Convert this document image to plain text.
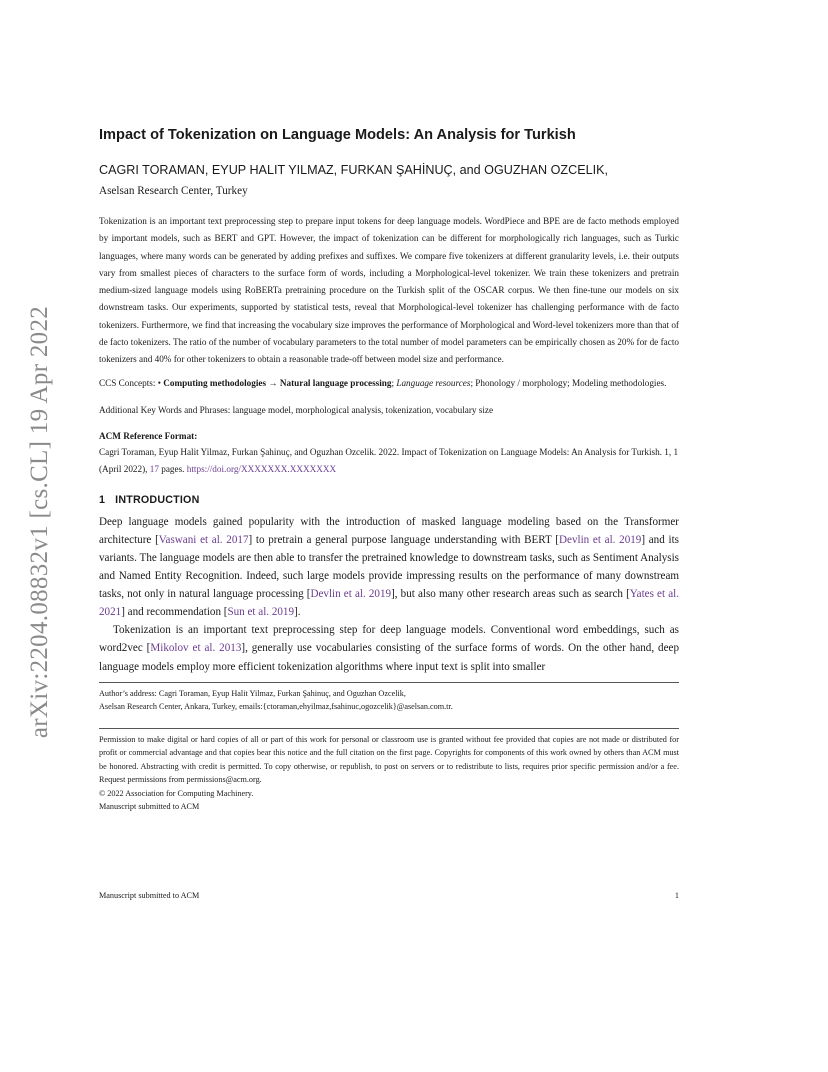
arXiv:2204.08832v1 [cs.CL] 19 Apr 2022
Impact of Tokenization on Language Models: An Analysis for Turkish
CAGRI TORAMAN, EYUP HALIT YILMAZ, FURKAN ŞAHİNUÇ, and OGUZHAN OZCELIK,
Aselsan Research Center, Turkey
Tokenization is an important text preprocessing step to prepare input tokens for deep language models. WordPiece and BPE are de facto methods employed by important models, such as BERT and GPT. However, the impact of tokenization can be different for morphologically rich languages, such as Turkic languages, where many words can be generated by adding prefixes and suffixes. We compare five tokenizers at different granularity levels, i.e. their outputs vary from smallest pieces of characters to the surface form of words, including a Morphological-level tokenizer. We train these tokenizers and pretrain medium-sized language models using RoBERTa pretraining procedure on the Turkish split of the OSCAR corpus. We then fine-tune our models on six downstream tasks. Our experiments, supported by statistical tests, reveal that Morphological-level tokenizer has challenging performance with de facto tokenizers. Furthermore, we find that increasing the vocabulary size improves the performance of Morphological and Word-level tokenizers more than that of de facto tokenizers. The ratio of the number of vocabulary parameters to the total number of model parameters can be empirically chosen as 20% for de facto tokenizers and 40% for other tokenizers to obtain a reasonable trade-off between model size and performance.
CCS Concepts: • Computing methodologies → Natural language processing; Language resources; Phonology / morphology; Modeling methodologies.
Additional Key Words and Phrases: language model, morphological analysis, tokenization, vocabulary size
ACM Reference Format:
Cagri Toraman, Eyup Halit Yilmaz, Furkan Şahinuç, and Oguzhan Ozcelik. 2022. Impact of Tokenization on Language Models: An Analysis for Turkish. 1, 1 (April 2022), 17 pages. https://doi.org/XXXXXXX.XXXXXXX
1 INTRODUCTION
Deep language models gained popularity with the introduction of masked language modeling based on the Transformer architecture [Vaswani et al. 2017] to pretrain a general purpose language understanding with BERT [Devlin et al. 2019] and its variants. The language models are then able to transfer the pretrained knowledge to downstream tasks, such as Sentiment Analysis and Named Entity Recognition. Indeed, such large models provide impressing results on the performance of many downstream tasks, not only in natural language processing [Devlin et al. 2019], but also many other research areas such as search [Yates et al. 2021] and recommendation [Sun et al. 2019].
Tokenization is an important text preprocessing step for deep language models. Conventional word embeddings, such as word2vec [Mikolov et al. 2013], generally use vocabularies consisting of the surface forms of words. On the other hand, deep language models employ more efficient tokenization algorithms where input text is split into smaller
Author’s address: Cagri Toraman, Eyup Halit Yilmaz, Furkan Şahinuç, and Oguzhan Ozcelik,
Aselsan Research Center, Ankara, Turkey, emails:{ctoraman,ehyilmaz,fsahinuc,ogozcelik}@aselsan.com.tr.
Permission to make digital or hard copies of all or part of this work for personal or classroom use is granted without fee provided that copies are not made or distributed for profit or commercial advantage and that copies bear this notice and the full citation on the first page. Copyrights for components of this work owned by others than ACM must be honored. Abstracting with credit is permitted. To copy otherwise, or republish, to post on servers or to redistribute to lists, requires prior specific permission and/or a fee. Request permissions from permissions@acm.org.
© 2022 Association for Computing Machinery.
Manuscript submitted to ACM
Manuscript submitted to ACM	1
